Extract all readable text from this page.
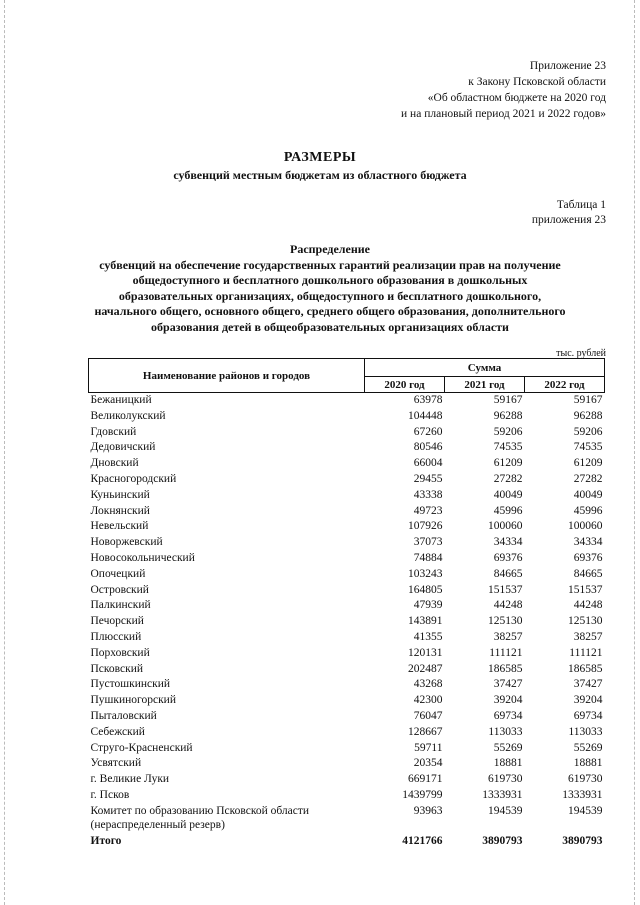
Приложение 23
к Закону Псковской области
«Об областном бюджете на 2020 год
и на плановый период 2021 и 2022 годов»
РАЗМЕРЫ
субвенций местным бюджетам из областного бюджета
Таблица 1
приложения 23
Распределение
субвенций на обеспечение государственных гарантий реализации прав на получение
общедоступного и бесплатного дошкольного образования в дошкольных
образовательных организациях, общедоступного и бесплатного дошкольного,
начального общего, основного общего, среднего общего образования, дополнительного
образования детей в общеобразовательных организациях области
тыс. рублей
Наименование районов и городов	Сумма		
	2020 год	2021 год	2022 год
Бежаницкий	63978	59167	59167
Великолукский	104448	96288	96288
Гдовский	67260	59206	59206
Дедовичский	80546	74535	74535
Дновский	66004	61209	61209
Красногородский	29455	27282	27282
Куньинский	43338	40049	40049
Локнянский	49723	45996	45996
Невельский	107926	100060	100060
Новоржевский	37073	34334	34334
Новосокольнический	74884	69376	69376
Опочецкий	103243	84665	84665
Островский	164805	151537	151537
Палкинский	47939	44248	44248
Печорский	143891	125130	125130
Плюсский	41355	38257	38257
Порховский	120131	111121	111121
Псковский	202487	186585	186585
Пустошкинский	43268	37427	37427
Пушкиногорский	42300	39204	39204
Пыталовский	76047	69734	69734
Себежский	128667	113033	113033
Струго-Красненский	59711	55269	55269
Усвятский	20354	18881	18881
г. Великие Луки	669171	619730	619730
г. Псков	1439799	1333931	1333931

Комитет по образованию Псковской области
(нераспределенный резерв)	93963	194539	194539
Итого	4121766	3890793	3890793
